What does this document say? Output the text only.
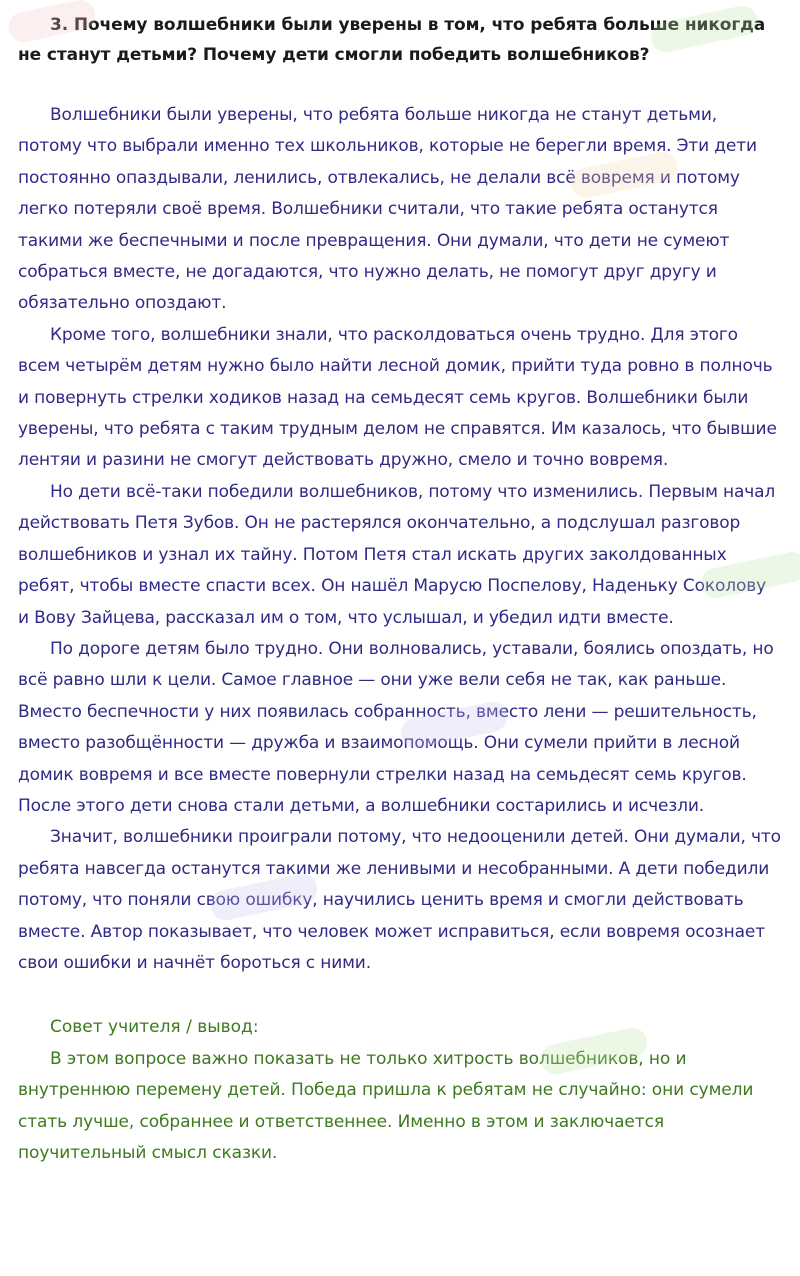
3. Почему волшебники были уверены в том, что ребята больше никогда не станут детьми? Почему дети смогли победить волшебников?

Волшебники были уверены, что ребята больше никогда не станут детьми, потому что выбрали именно тех школьников, которые не берегли время. Эти дети постоянно опаздывали, ленились, отвлекались, не делали всё вовремя и потому легко потеряли своё время. Волшебники считали, что такие ребята останутся такими же беспечными и после превращения. Они думали, что дети не сумеют собраться вместе, не догадаются, что нужно делать, не помогут друг другу и обязательно опоздают.

Кроме того, волшебники знали, что расколдоваться очень трудно. Для этого всем четырём детям нужно было найти лесной домик, прийти туда ровно в полночь и повернуть стрелки ходиков назад на семьдесят семь кругов. Волшебники были уверены, что ребята с таким трудным делом не справятся. Им казалось, что бывшие лентяи и разини не смогут действовать дружно, смело и точно вовремя.

Но дети всё-таки победили волшебников, потому что изменились. Первым начал действовать Петя Зубов. Он не растерялся окончательно, а подслушал разговор волшебников и узнал их тайну. Потом Петя стал искать других заколдованных ребят, чтобы вместе спасти всех. Он нашёл Марусю Поспелову, Наденьку Соколову и Вову Зайцева, рассказал им о том, что услышал, и убедил идти вместе.

По дороге детям было трудно. Они волновались, уставали, боялись опоздать, но всё равно шли к цели. Самое главное — они уже вели себя не так, как раньше. Вместо беспечности у них появилась собранность, вместо лени — решительность, вместо разобщённости — дружба и взаимопомощь. Они сумели прийти в лесной домик вовремя и все вместе повернули стрелки назад на семьдесят семь кругов. После этого дети снова стали детьми, а волшебники состарились и исчезли.

Значит, волшебники проиграли потому, что недооценили детей. Они думали, что ребята навсегда останутся такими же ленивыми и несобранными. А дети победили потому, что поняли свою ошибку, научились ценить время и смогли действовать вместе. Автор показывает, что человек может исправиться, если вовремя осознает свои ошибки и начнёт бороться с ними.

Совет учителя / вывод:

В этом вопросе важно показать не только хитрость волшебников, но и внутреннюю перемену детей. Победа пришла к ребятам не случайно: они сумели стать лучше, собраннее и ответственнее. Именно в этом и заключается поучительный смысл сказки.
